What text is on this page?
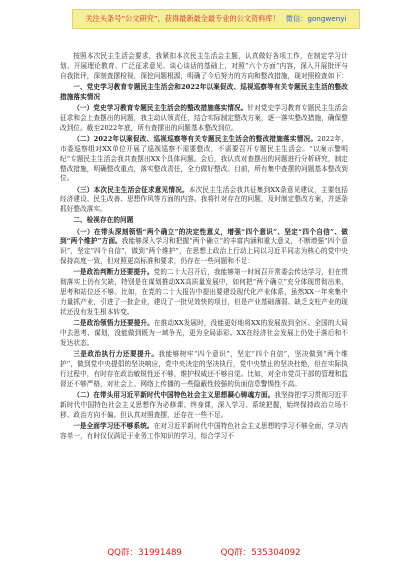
关注头条号“公文研究”，获得最新最全最专业的公文资料库！ 微信：gongwenyi

按照本次民主生活会要求，我紧扣本次民主生活会主题，认真做好各项工作，在制定学习计划、开展理论教育、广泛征求意见、谈心谈话的基础上，对照“六个方面”内容，深入开展批评与自我批评，深刻查摆检视，深挖问题根源，明确了今后努力的方向和整改措施，现对照检查如下：

一、党史学习教育专题民主生活会和2022年以案促改、巡视巡察等有关专题民主生活的整改措施落实情况

（一）党史学习教育专题民主生活会的整改措施落实情况。针对党史学习教育专题民主生活会征求和会上查摆出的问题，我主动认领责任，结合实际制定整改方案，逐一落实整改措施，确保整改到位。截至2022年底，所有查摆出的问题基本整改到位。

（二）2022年以案促改、巡视巡察等有关专题民主生活会的整改措施落实情况。2022年，市委巡察组对XX单位开展了巡视巡察不需要整改，不需要召开专题民主生活会。“以案示警明纪”专题民主生活会我共查摆出XX个具体问题。会后，我认真对查摆出的问题进行分析研究，制定整改措施，明确整改重点，落实整改责任，全力做好整改。目前，所有集中查摆的问题基本整改到位。

（三）本次民主生活会征求意见情况。本次民主生活会我共征集到XX条意见建议，主要包括经济建设、民生改善、思想作风等方面的内容。我将针对存在的问题，及时制定整改方案，并逐条抓好整改落实。

二、检视存在的问题

（一）在带头深刻领悟“两个确立”的决定性意义，增强“四个意识”、坚定“四个自信”、做到“两个维护”方面。我能够深入学习和把握“两个确立”的丰富内涵和重大意义，不断增强“四个意识”，坚定“四个自信”，做到“两个维护”，在思想上政治上行动上同以习近平同志为核心的党中央保持高度一致，但对照更高标准和要求，仍存在一些问题和不足：

一是政治判断力还要提升。党的二十大召开后，我能够第一时间召开常委会传达学习，但在贯彻落实上仍有欠缺，特别是在谋划推动XX高质量发展中，如何把“两个确立”充分体现贯彻出来，思考和站位还不够。比如，在党的二十大报告中提出要建设现代化产业体系，虽然XX一年来集中力量抓产业，引进了一批企业，建设了一批见效快的项目，但是产业基础薄弱、缺乏支柱产业的现状还没有发生根本转变。

二是政治领悟力还要提升。在推动XX发展时，没能更好地将XX的发展放到全区、全国的大局中去思考、谋划，没能做到既为一域争光，更为全局添彩。XX在经济社会发展上仍处于落后和不发达状态。

三是政治执行力还要提升。我能够树牢“四个意识”，坚定“四个自信”，坚决做到“两个维护”，做到党中央提倡的坚决响应，党中央决定的坚决执行，党中央禁止的坚决杜绝，但在实际执行过程中，有时存在政治敏锐性还不够，维护权威还不够自觉。比如，对全市党员干部的管理和监督还不够严格，对社会上、网络上传播的一些隐蔽性较强的负面信息警惕性不高。

（二）在带头用习近平新时代中国特色社会主义思想凝心铸魂方面。我坚持把学习贯彻习近平新时代中国特色社会主义思想作为必修课、终身课，深入学习、系统把握，始终保持政治立场不移、政治方向不偏。但认真对照查摆，还存在一些不足。

一是全面学习还不够系统。在对习近平新时代中国特色社会主义思想的学习不够全面，学习内容单一，有时仅仅满足于业务工作知识的学习，综合学习不

QQ群：31991489	QQ群：535304092
